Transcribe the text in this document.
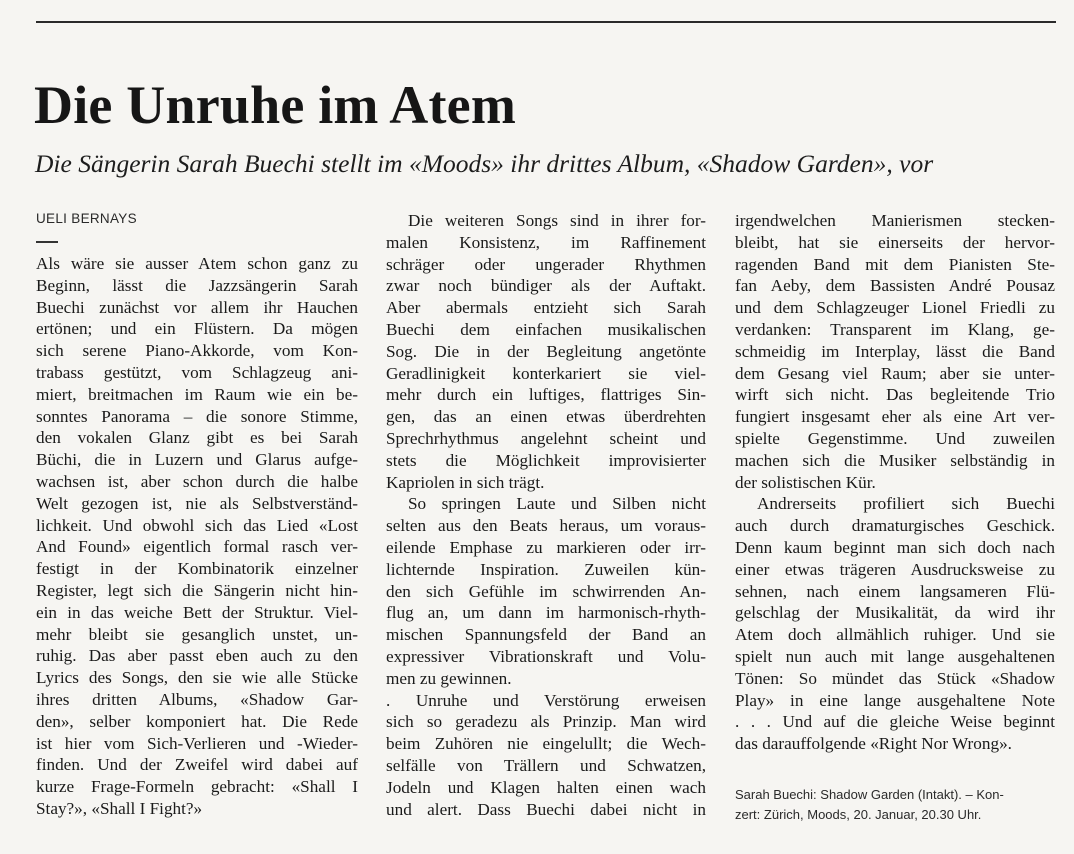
Die Unruhe im Atem

Die Sängerin Sarah Buechi stellt im «Moods» ihr drittes Album, «Shadow Garden», vor

UELI BERNAYS
Als wäre sie ausser Atem schon ganz zu
Beginn, lässt die Jazzsängerin Sarah
Buechi zunächst vor allem ihr Hauchen
ertönen; und ein Flüstern. Da mögen
sich serene Piano-Akkorde, vom Kon-
trabass gestützt, vom Schlagzeug ani-
miert, breitmachen im Raum wie ein be-
sonntes Panorama – die sonore Stimme,
den vokalen Glanz gibt es bei Sarah
Büchi, die in Luzern und Glarus aufge-
wachsen ist, aber schon durch die halbe
Welt gezogen ist, nie als Selbstverständ-
lichkeit. Und obwohl sich das Lied «Lost
And Found» eigentlich formal rasch ver-
festigt in der Kombinatorik einzelner
Register, legt sich die Sängerin nicht hin-
ein in das weiche Bett der Struktur. Viel-
mehr bleibt sie gesanglich unstet, un-
ruhig. Das aber passt eben auch zu den
Lyrics des Songs, den sie wie alle Stücke
ihres dritten Albums, «Shadow Gar-
den», selber komponiert hat. Die Rede
ist hier vom Sich-Verlieren und -Wieder-
finden. Und der Zweifel wird dabei auf
kurze Frage-Formeln gebracht: «Shall I
Stay?», «Shall I Fight?»
Die weiteren Songs sind in ihrer for-
malen Konsistenz, im Raffinement
schräger oder ungerader Rhythmen
zwar noch bündiger als der Auftakt.
Aber abermals entzieht sich Sarah
Buechi dem einfachen musikalischen
Sog. Die in der Begleitung angetönte
Geradlinigkeit konterkariert sie viel-
mehr durch ein luftiges, flattriges Sin-
gen, das an einen etwas überdrehten
Sprechrhythmus angelehnt scheint und
stets die Möglichkeit improvisierter
Kapriolen in sich trägt.
So springen Laute und Silben nicht
selten aus den Beats heraus, um voraus-
eilende Emphase zu markieren oder irr-
lichternde Inspiration. Zuweilen kün-
den sich Gefühle im schwirrenden An-
flug an, um dann im harmonisch-rhyth-
mischen Spannungsfeld der Band an
expressiver Vibrationskraft und Volu-
men zu gewinnen.
. Unruhe und Verstörung erweisen
sich so geradezu als Prinzip. Man wird
beim Zuhören nie eingelullt; die Wech-
selfälle von Trällern und Schwatzen,
Jodeln und Klagen halten einen wach
und alert. Dass Buechi dabei nicht in
irgendwelchen Manierismen stecken-
bleibt, hat sie einerseits der hervor-
ragenden Band mit dem Pianisten Ste-
fan Aeby, dem Bassisten André Pousaz
und dem Schlagzeuger Lionel Friedli zu
verdanken: Transparent im Klang, ge-
schmeidig im Interplay, lässt die Band
dem Gesang viel Raum; aber sie unter-
wirft sich nicht. Das begleitende Trio
fungiert insgesamt eher als eine Art ver-
spielte Gegenstimme. Und zuweilen
machen sich die Musiker selbständig in
der solistischen Kür.
Andrerseits profiliert sich Buechi
auch durch dramaturgisches Geschick.
Denn kaum beginnt man sich doch nach
einer etwas trägeren Ausdrucksweise zu
sehnen, nach einem langsameren Flü-
gelschlag der Musikalität, da wird ihr
Atem doch allmählich ruhiger. Und sie
spielt nun auch mit lange ausgehaltenen
Tönen: So mündet das Stück «Shadow
Play» in eine lange ausgehaltene Note
. . . Und auf die gleiche Weise beginnt
das darauffolgende «Right Nor Wrong».
Sarah Buechi: Shadow Garden (Intakt). – Kon-
zert: Zürich, Moods, 20. Januar, 20.30 Uhr.
